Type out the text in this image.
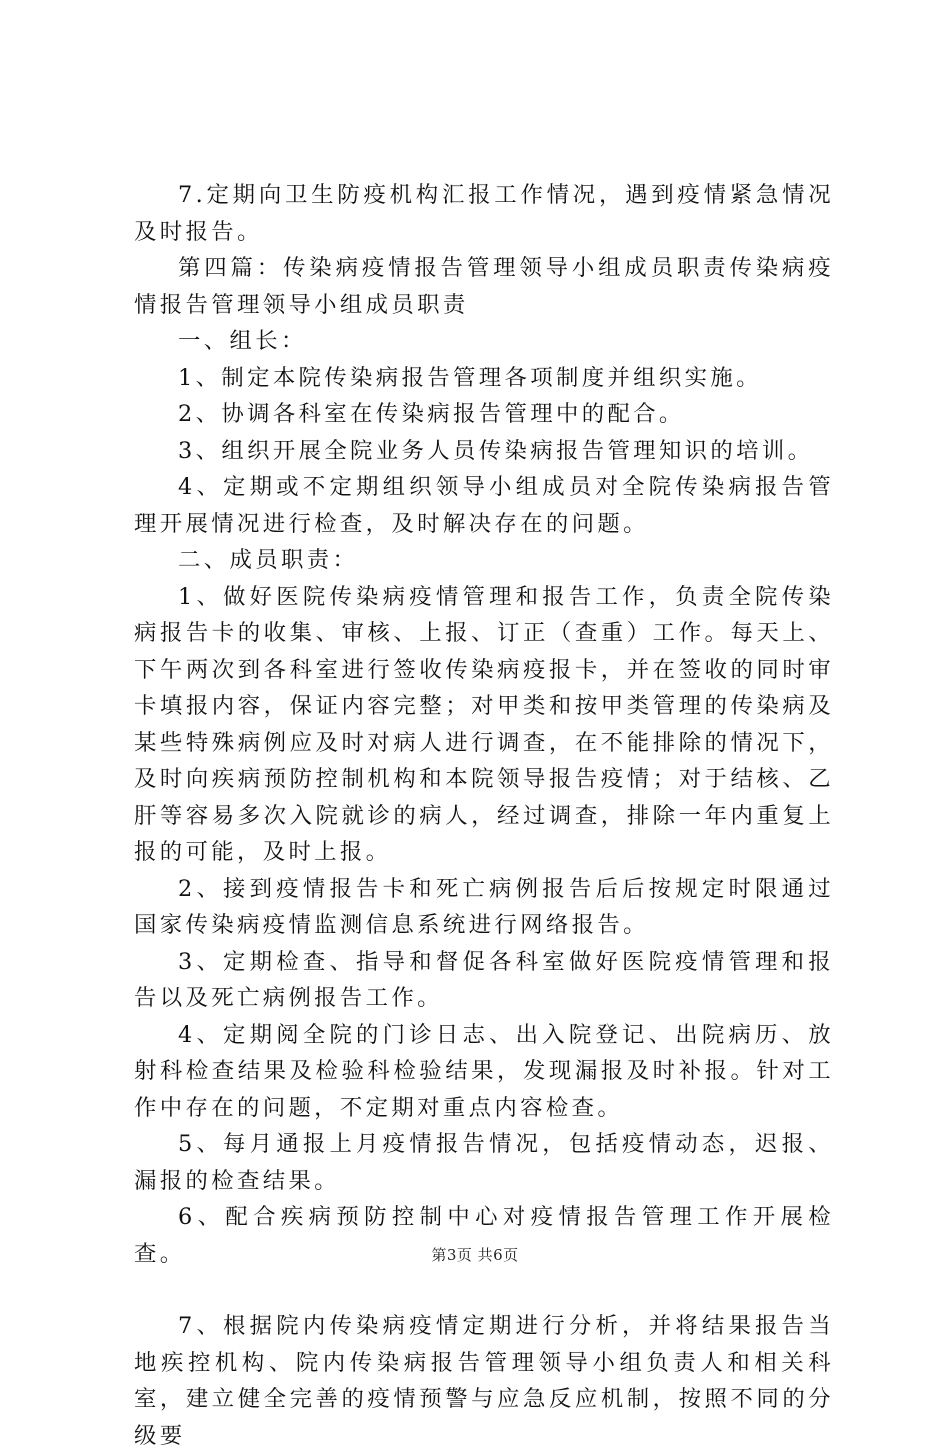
7.定期向卫生防疫机构汇报工作情况，遇到疫情紧急情况及时报告。

第四篇：传染病疫情报告管理领导小组成员职责传染病疫情报告管理领导小组成员职责

一、组长：

1、制定本院传染病报告管理各项制度并组织实施。

2、协调各科室在传染病报告管理中的配合。

3、组织开展全院业务人员传染病报告管理知识的培训。

4、定期或不定期组织领导小组成员对全院传染病报告管理开展情况进行检查，及时解决存在的问题。

二、成员职责：

1、做好医院传染病疫情管理和报告工作，负责全院传染病报告卡的收集、审核、上报、订正（查重）工作。每天上、下午两次到各科室进行签收传染病疫报卡，并在签收的同时审卡填报内容，保证内容完整；对甲类和按甲类管理的传染病及某些特殊病例应及时对病人进行调查，在不能排除的情况下，及时向疾病预防控制机构和本院领导报告疫情；对于结核、乙肝等容易多次入院就诊的病人，经过调查，排除一年内重复上报的可能，及时上报。

2、接到疫情报告卡和死亡病例报告后后按规定时限通过国家传染病疫情监测信息系统进行网络报告。

3、定期检查、指导和督促各科室做好医院疫情管理和报告以及死亡病例报告工作。

4、定期阅全院的门诊日志、出入院登记、出院病历、放射科检查结果及检验科检验结果，发现漏报及时补报。针对工作中存在的问题，不定期对重点内容检查。

5、每月通报上月疫情报告情况，包括疫情动态，迟报、漏报的检查结果。

6、配合疾病预防控制中心对疫情报告管理工作开展检查。

7、根据院内传染病疫情定期进行分析，并将结果报告当地疾控机构、院内传染病报告管理领导小组负责人和相关科室，建立健全完善的疫情预警与应急反应机制，按照不同的分级要

第3页 共6页
